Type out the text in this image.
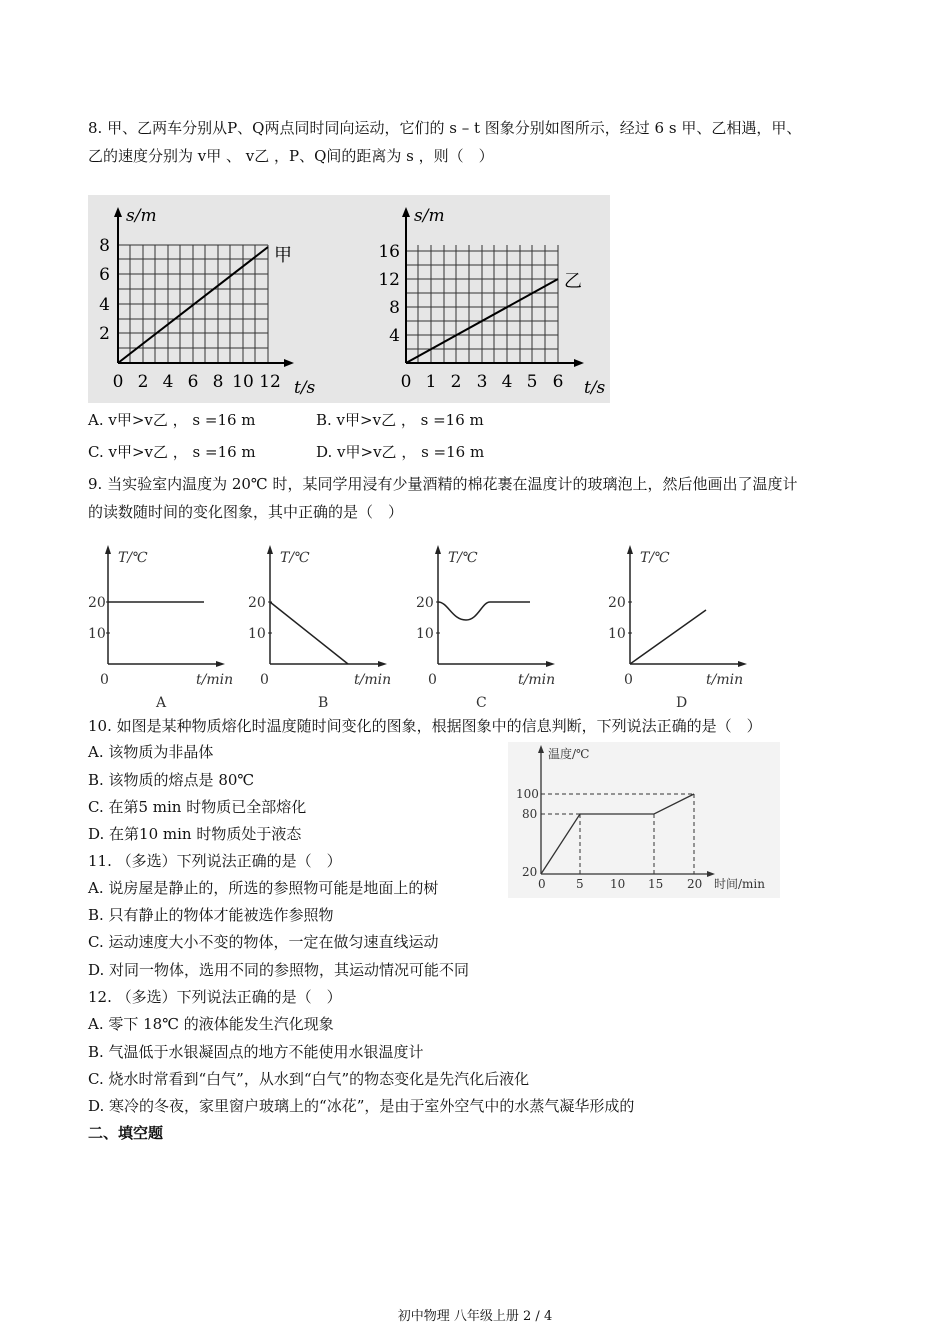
8. 甲、乙两车分别从P、Q两点同时同向运动，它们的 s – t 图象分别如图所示，经过 6 s 甲、乙相遇，甲、
乙的速度分别为 v甲 、 v乙 ，P、Q间的距离为 s ，则（　）
s/m
甲
8
6
4
2
0 2 4 6 8 10 12 t/s
s/m
乙
16
12
8
4
0 1 2 3 4 5 6 t/s
A. v甲>v乙 ， s =16 m	B. v甲>v乙 ， s =16 m
C. v甲>v乙 ， s =16 m	D. v甲>v乙 ， s =16 m
9. 当实验室内温度为 20℃ 时，某同学用浸有少量酒精的棉花裹在温度计的玻璃泡上，然后他画出了温度计
的读数随时间的变化图象，其中正确的是（　）
T/℃
20
10
0	t/min
A
T/℃
20
10
0	t/min
B
T/℃
20
10
0	t/min
C
T/℃
20
10
0	t/min
D
10. 如图是某种物质熔化时温度随时间变化的图象，根据图象中的信息判断，下列说法正确的是（　）
A. 该物质为非晶体
B. 该物质的熔点是 80℃
C. 在第5 min 时物质已全部熔化
D. 在第10 min 时物质处于液态
温度/℃
100
80
20
0	5 10 15 20 时间/min
11. （多选）下列说法正确的是（　）
A. 说房屋是静止的，所选的参照物可能是地面上的树
B. 只有静止的物体才能被选作参照物
C. 运动速度大小不变的物体，一定在做匀速直线运动
D. 对同一物体，选用不同的参照物，其运动情况可能不同
12. （多选）下列说法正确的是（　）
A. 零下 18℃ 的液体能发生汽化现象
B. 气温低于水银凝固点的地方不能使用水银温度计
C. 烧水时常看到“白气”，从水到“白气”的物态变化是先汽化后液化
D. 寒冷的冬夜，家里窗户玻璃上的“冰花”，是由于室外空气中的水蒸气凝华形成的
二、填空题
初中物理 八年级上册 2 / 4
